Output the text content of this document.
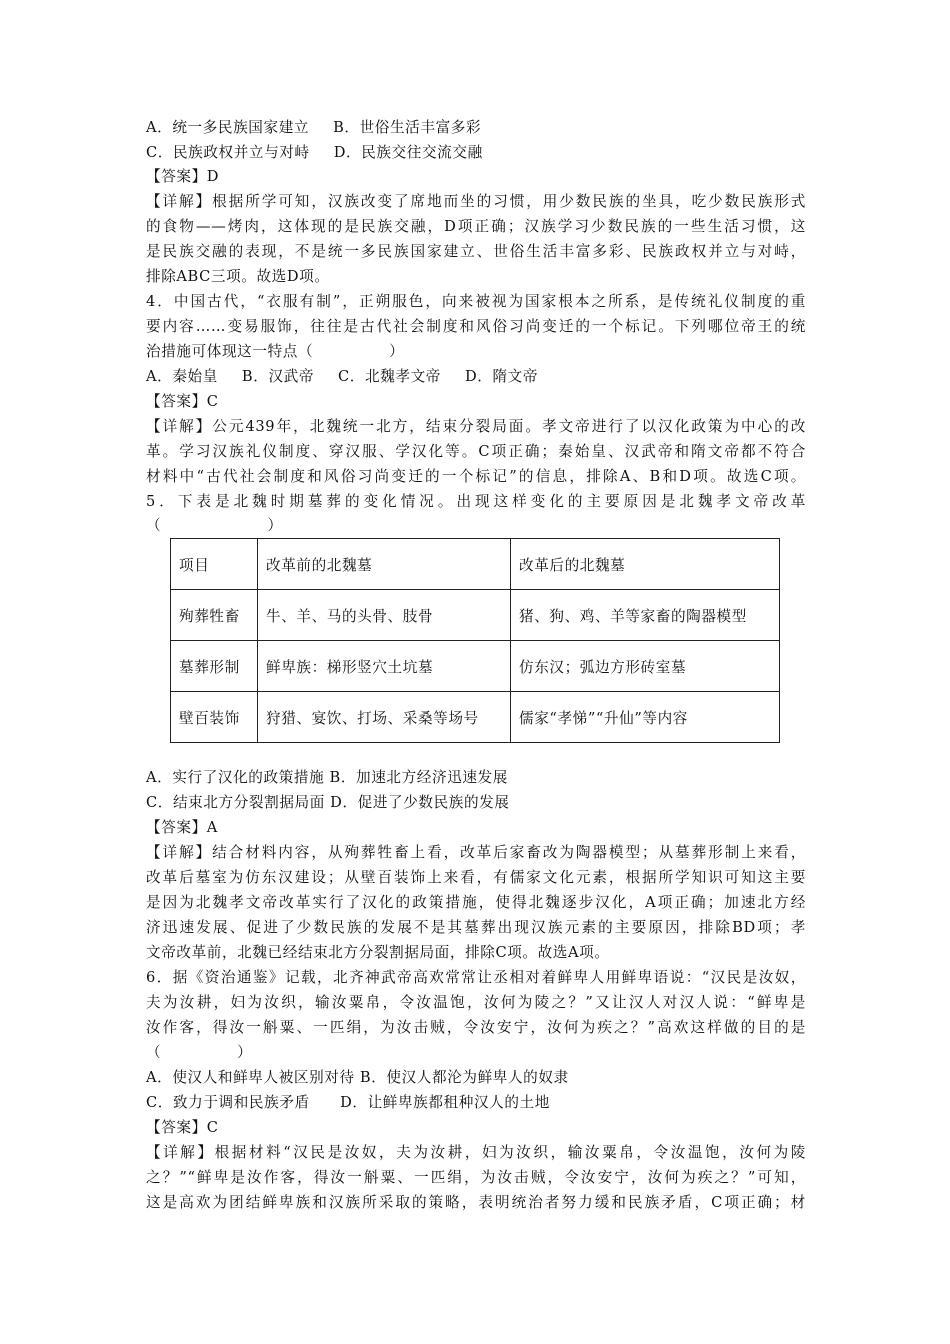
A．统一多民族国家建立 B．世俗生活丰富多彩
C．民族政权并立与对峙 D．民族交往交流交融
【答案】D
【详解】根据所学可知，汉族改变了席地而坐的习惯，用少数民族的坐具，吃少数民族形式
的食物——烤肉，这体现的是民族交融，D项正确；汉族学习少数民族的一些生活习惯，这
是民族交融的表现，不是统一多民族国家建立、世俗生活丰富多彩、民族政权并立与对峙，
排除ABC三项。故选D项。
4．中国古代，“衣服有制”，正朔服色，向来被视为国家根本之所系，是传统礼仪制度的重
要内容……变易服饰，往往是古代社会制度和风俗习尚变迁的一个标记。下列哪位帝王的统
治措施可体现这一特点（　　　　　）
A．秦始皇 B．汉武帝 C．北魏孝文帝 D．隋文帝
【答案】C
【详解】公元439年，北魏统一北方，结束分裂局面。孝文帝进行了以汉化政策为中心的改
革。学习汉族礼仪制度、穿汉服、学汉化等。C项正确；秦始皇、汉武帝和隋文帝都不符合
材料中“古代社会制度和风俗习尚变迁的一个标记”的信息，排除A、B和D项。故选C项。
5．下表是北魏时期墓葬的变化情况。出现这样变化的主要原因是北魏孝文帝改革
（　　　　　　　）
项目	改革前的北魏墓	改革后的北魏墓
殉葬牲畜	牛、羊、马的头骨、肢骨	猪、狗、鸡、羊等家畜的陶器模型
墓葬形制	鲜卑族：梯形竖穴土坑墓	仿东汉；弧边方形砖室墓
壁百装饰	狩猎、宴饮、打场、采桑等场号	儒家“孝悌”“升仙”等内容
A．实行了汉化的政策措施 B．加速北方经济迅速发展
C．结束北方分裂割据局面 D．促进了少数民族的发展
【答案】A
【详解】结合材料内容，从殉葬牲畜上看，改革后家畜改为陶器模型；从墓葬形制上来看，
改革后墓室为仿东汉建设；从壁百装饰上来看，有儒家文化元素，根据所学知识可知这主要
是因为北魏孝文帝改革实行了汉化的政策措施，使得北魏逐步汉化，A项正确；加速北方经
济迅速发展、促进了少数民族的发展不是其墓葬出现汉族元素的主要原因，排除BD项；孝
文帝改革前，北魏已经结束北方分裂割据局面，排除C项。故选A项。
6．据《资治通鉴》记载，北齐神武帝高欢常常让丞相对着鲜卑人用鲜卑语说：“汉民是汝奴，
夫为汝耕，妇为汝织，输汝粟帛，令汝温饱，汝何为陵之？”又让汉人对汉人说：“鲜卑是
汝作客，得汝一斛粟、一匹绢，为汝击贼，令汝安宁，汝何为疾之？”高欢这样做的目的是
（　　　　　）
A．使汉人和鲜卑人被区别对待 B．使汉人都沦为鲜卑人的奴隶
C．致力于调和民族矛盾　　D．让鲜卑族都租种汉人的土地
【答案】C
【详解】根据材料“汉民是汝奴，夫为汝耕，妇为汝织，输汝粟帛，令汝温饱，汝何为陵
之？”“鲜卑是汝作客，得汝一斛粟、一匹绢，为汝击贼，令汝安宁，汝何为疾之？”可知，
这是高欢为团结鲜卑族和汉族所采取的策略，表明统治者努力缓和民族矛盾，C项正确；材
